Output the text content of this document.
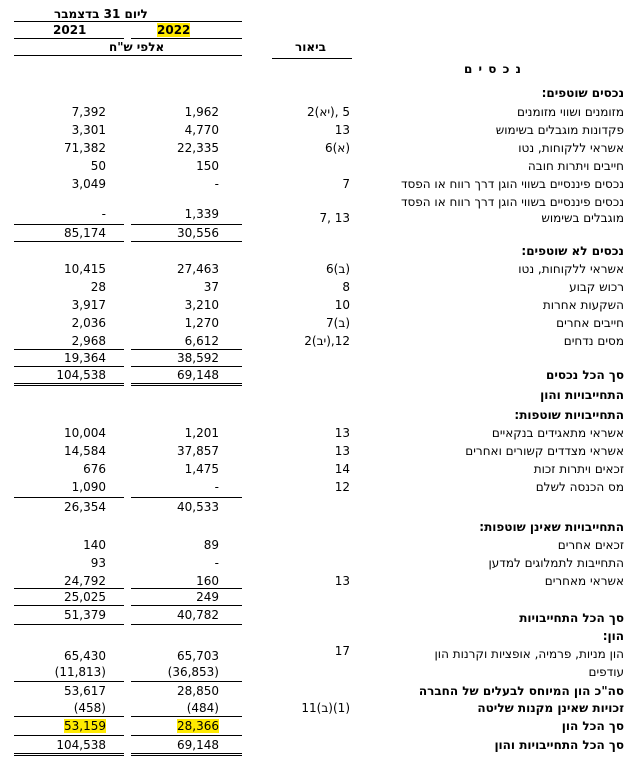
ליום 31 בדצמבר
2022
2021
אלפי ש"ח	ביאור
נ כ ס י ם
נכסים שוטפים:
מזומנים ושווי מזומנים
2(יא), 5
1,962
7,392
פקדונות מוגבלים בשימוש
13
4,770
3,301
אשראי ללקוחות, נטו
6(א)
22,335
71,382
חייבים ויתרות חובה
150
50
נכסים פיננסיים בשווי הוגן דרך רווח או הפסד
7
-
3,049
נכסים פיננסיים בשווי הוגן דרך רווח או הפסד
מוגבלים בשימוש
13 ,7
1,339
-
30,556
85,174
נכסים לא שוטפים:
אשראי ללקוחות, נטו
6(ב)
27,463
10,415
רכוש קבוע
8
37
28
השקעות אחרות
10
3,210
3,917
חייבים אחרים
7(ב)
1,270
2,036
מסים נדחים
2(יב),12
6,612
2,968
38,592
19,364
סך הכל נכסים
69,148
104,538
התחייבויות והון
התחייבויות שוטפות:
אשראי מתאגידים בנקאיים
13
1,201
10,004
אשראי מצדדים קשורים ואחרים
13
37,857
14,584
זכאים ויתרות זכות
14
1,475
676
מס הכנסה לשלם
12
-
1,090
40,533
26,354
התחייבויות שאינן שוטפות:
זכאים אחרים
89
140
התחייבות לתמלוגים למדען
-
93
אשראי מאחרים
13
160
24,792
249
25,025
סך הכל התחייבויות
40,782
51,379
הון:
הון מניות, פרמיה, אופציות וקרנות הון
17
65,703
65,430
עודפים
(36,853)
(11,813)
סה"כ הון המיוחס לבעלים של החברה
28,850
53,617
זכויות שאינן מקנות שליטה
11(ב)(1)
(484)
(458)
סך הכל הון
28,366
53,159
סך הכל התחייבויות והון
69,148
104,538
